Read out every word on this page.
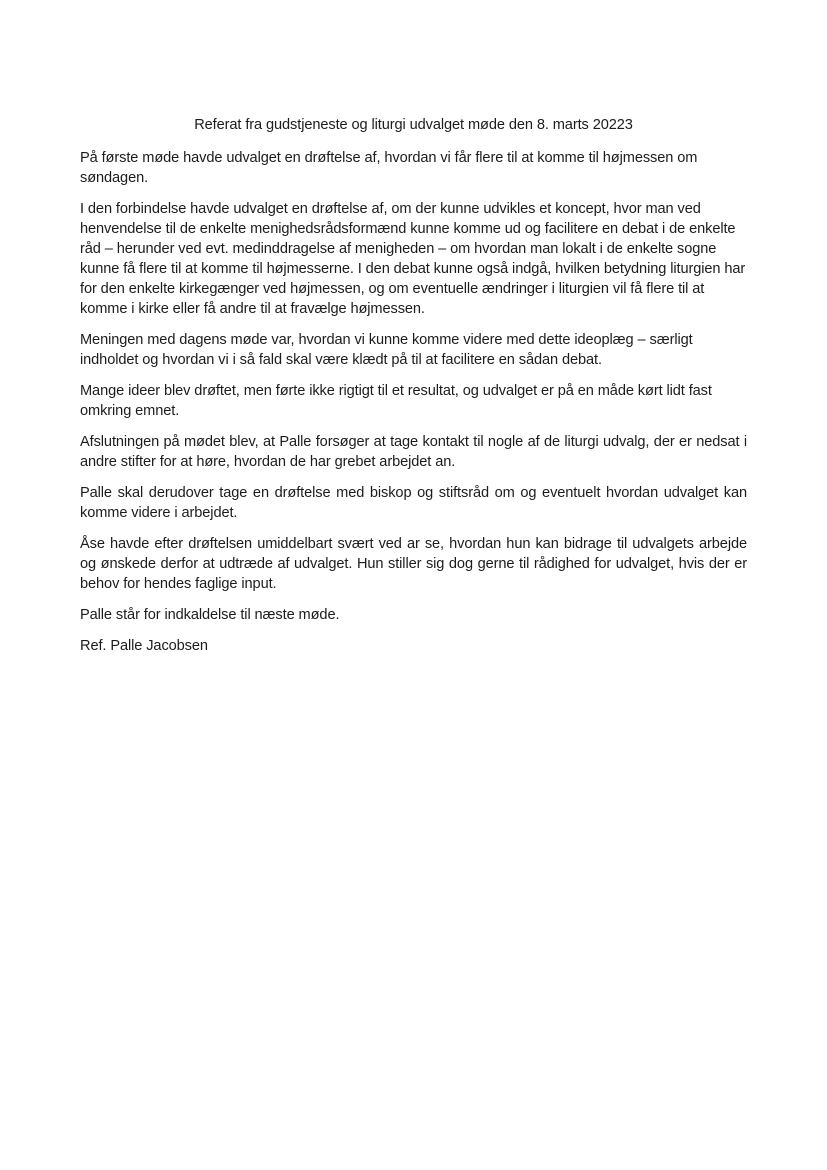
Referat fra gudstjeneste og liturgi udvalget møde den 8. marts 20223

På første møde havde udvalget en drøftelse af, hvordan vi får flere til at komme til højmessen om søndagen.

I den forbindelse havde udvalget en drøftelse af, om der kunne udvikles et koncept, hvor man ved henvendelse til de enkelte menighedsrådsformænd kunne komme ud og facilitere en debat i de enkelte råd – herunder ved evt. medinddragelse af menigheden – om hvordan man lokalt i de enkelte sogne kunne få flere til at komme til højmesserne. I den debat kunne også indgå, hvilken betydning liturgien har for den enkelte kirkegænger ved højmessen, og om eventuelle ændringer i liturgien vil få flere til at komme i kirke eller få andre til at fravælge højmessen.

Meningen med dagens møde var, hvordan vi kunne komme videre med dette ideoplæg – særligt indholdet og hvordan vi i så fald skal være klædt på til at facilitere en sådan debat.

Mange ideer blev drøftet, men førte ikke rigtigt til et resultat, og udvalget er på en måde kørt lidt fast omkring emnet.

Afslutningen på mødet blev, at Palle forsøger at tage kontakt til nogle af de liturgi udvalg, der er nedsat i andre stifter for at høre, hvordan de har grebet arbejdet an.

Palle skal derudover tage en drøftelse med biskop og stiftsråd om og eventuelt hvordan udvalget kan komme videre i arbejdet.

Åse havde efter drøftelsen umiddelbart svært ved ar se, hvordan hun kan bidrage til udvalgets arbejde og ønskede derfor at udtræde af udvalget. Hun stiller sig dog gerne til rådighed for udvalget, hvis der er behov for hendes faglige input.

Palle står for indkaldelse til næste møde.

Ref. Palle Jacobsen
